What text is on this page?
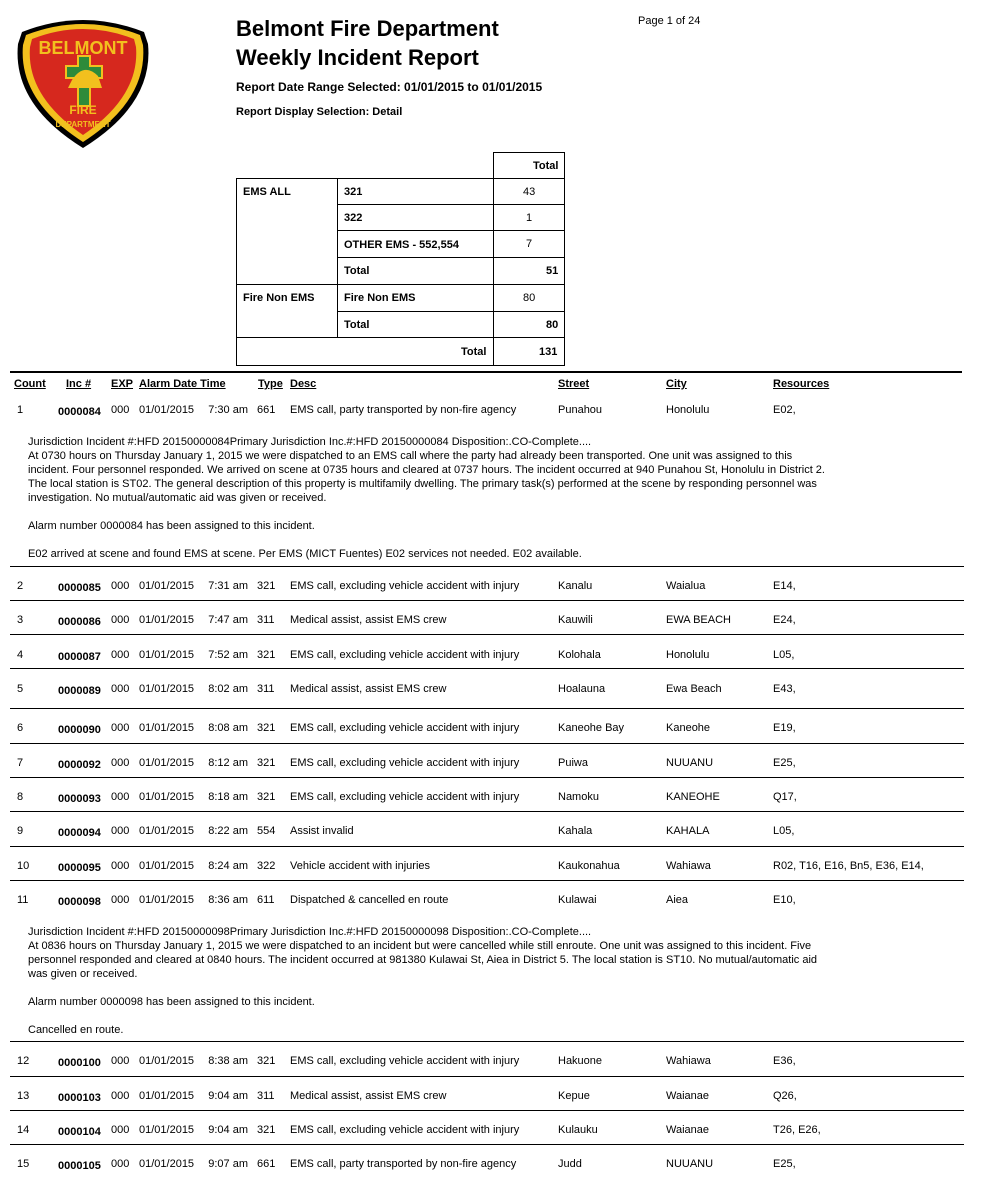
BELMONT
FIRE
DEPARTMENT
Belmont Fire Department
Weekly Incident Report
Report Date Range Selected: 01/01/2015 to 01/01/2015
Report Display Selection: Detail
Page 1 of 24
Total
EMS ALL	321	43
322	1
OTHER EMS - 552,554	7
Total	51
Fire Non EMS	Fire Non EMS	80
Total	80
Total	131
Count Inc # EXP Alarm Date Time	Type Desc	Street	City	Resources
1	0000084 000 01/01/2015	7:30 am 661 EMS call, party transported by non-fire agency	Punahou	Honolulu	E02,
2	0000085 000 01/01/2015	7:31 am 321 EMS call, excluding vehicle accident with injury	Kanalu	Waialua	E14,
3	0000086 000 01/01/2015	7:47 am 311 Medical assist, assist EMS crew	Kauwili	EWA BEACH	E24,
4	0000087 000 01/01/2015	7:52 am 321 EMS call, excluding vehicle accident with injury	Kolohala	Honolulu	L05,
5	0000089 000 01/01/2015	8:02 am 311 Medical assist, assist EMS crew	Hoalauna	Ewa Beach	E43,
6	0000090 000 01/01/2015	8:08 am 321 EMS call, excluding vehicle accident with injury	Kaneohe Bay	Kaneohe	E19,
7	0000092 000 01/01/2015	8:12 am 321 EMS call, excluding vehicle accident with injury	Puiwa	NUUANU	E25,
8	0000093 000 01/01/2015	8:18 am 321 EMS call, excluding vehicle accident with injury	Namoku	KANEOHE	Q17,
9	0000094 000 01/01/2015	8:22 am 554 Assist invalid	Kahala	KAHALA	L05,
10	0000095 000 01/01/2015	8:24 am 322 Vehicle accident with injuries	Kaukonahua	Wahiawa	R02, T16, E16, Bn5, E36, E14,
11	0000098 000 01/01/2015	8:36 am 611 Dispatched & cancelled en route	Kulawai	Aiea	E10,
12	0000100 000 01/01/2015	8:38 am 321 EMS call, excluding vehicle accident with injury	Hakuone	Wahiawa	E36,
13	0000103 000 01/01/2015	9:04 am 311 Medical assist, assist EMS crew	Kepue	Waianae	Q26,
14	0000104 000 01/01/2015	9:04 am 321 EMS call, excluding vehicle accident with injury	Kulauku	Waianae	T26, E26,
15	0000105 000 01/01/2015	9:07 am 661 EMS call, party transported by non-fire agency	Judd	NUUANU	E25,

Jurisdiction Incident #:HFD 20150000084Primary Jurisdiction Inc.#:HFD 20150000084 Disposition:.CO-Complete....

At 0730 hours on Thursday January 1, 2015 we were dispatched to an EMS call where the party had already been transported. One unit was assigned to this incident. Four personnel responded. We arrived on scene at 0735 hours and cleared at 0737 hours. The incident occurred at 940 Punahou St, Honolulu in District 2. The local station is ST02. The general description of this property is multifamily dwelling. The primary task(s) performed at the scene by responding personnel was investigation. No mutual/automatic aid was given or received.

Alarm number 0000084 has been assigned to this incident.

E02 arrived at scene and found EMS at scene. Per EMS (MICT Fuentes) E02 services not needed. E02 available.

Jurisdiction Incident #:HFD 20150000098Primary Jurisdiction Inc.#:HFD 20150000098 Disposition:.CO-Complete....

At 0836 hours on Thursday January 1, 2015 we were dispatched to an incident but were cancelled while still enroute. One unit was assigned to this incident. Five personnel responded and cleared at 0840 hours. The incident occurred at 981380 Kulawai St, Aiea in District 5. The local station is ST10. No mutual/automatic aid was given or received.

Alarm number 0000098 has been assigned to this incident.

Cancelled en route.
